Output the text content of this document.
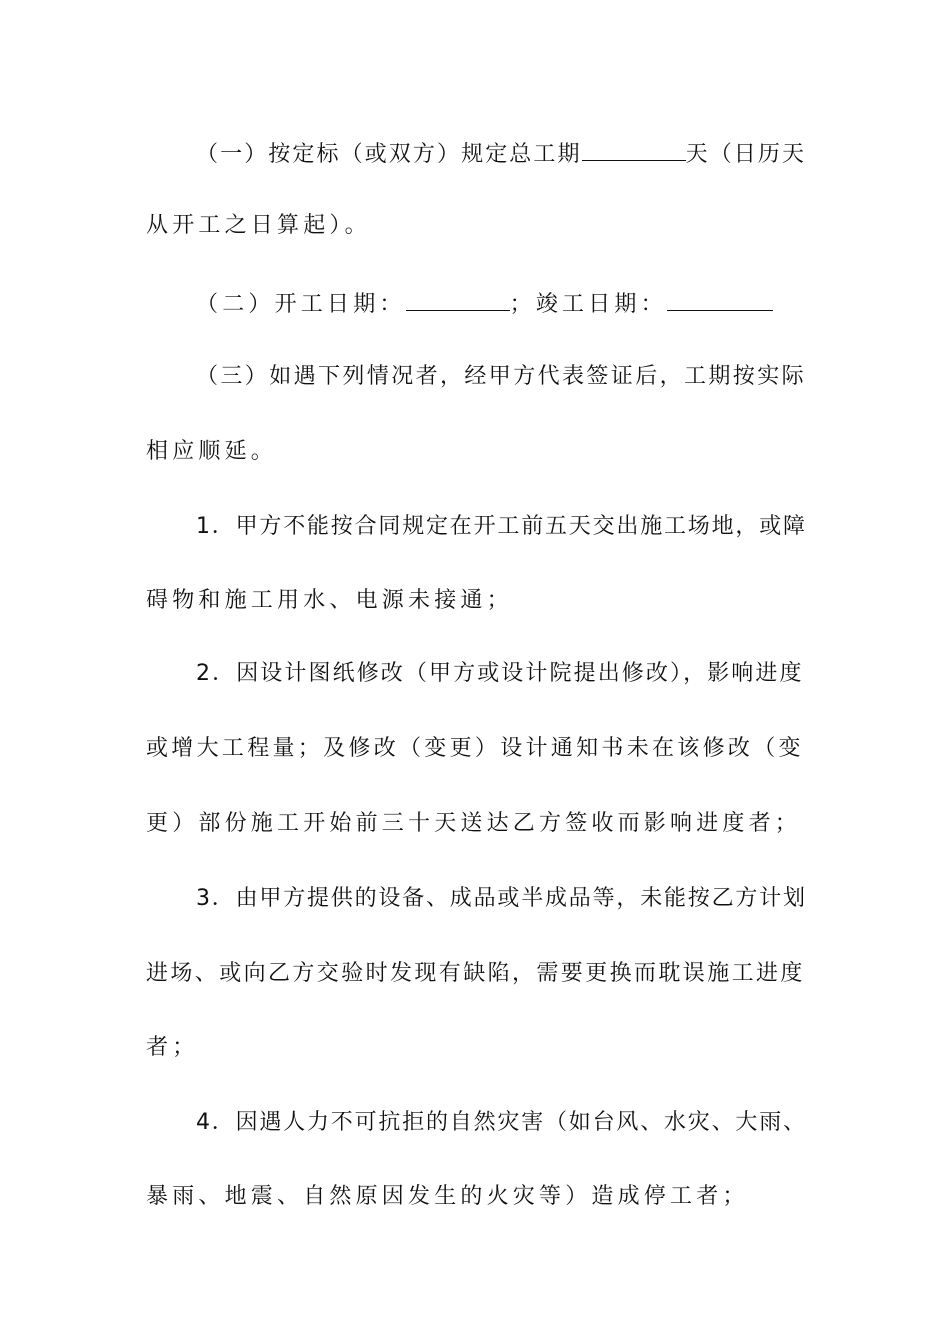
（一）按定标（或双方）规定总工期	天（日历天
从开工之日算起）。
（二）开工日期：	；竣工日期：
（三）如遇下列情况者，经甲方代表签证后，工期按实际
相应顺延。
1．甲方不能按合同规定在开工前五天交出施工场地，或障
碍物和施工用水、电源未接通；
2．因设计图纸修改（甲方或设计院提出修改），影响进度
或增大工程量；及修改（变更）设计通知书未在该修改（变
更）部份施工开始前三十天送达乙方签收而影响进度者；
3．由甲方提供的设备、成品或半成品等，未能按乙方计划
进场、或向乙方交验时发现有缺陷，需要更换而耽误施工进度
者；
4．因遇人力不可抗拒的自然灾害（如台风、水灾、大雨、
暴雨、地震、自然原因发生的火灾等）造成停工者；
